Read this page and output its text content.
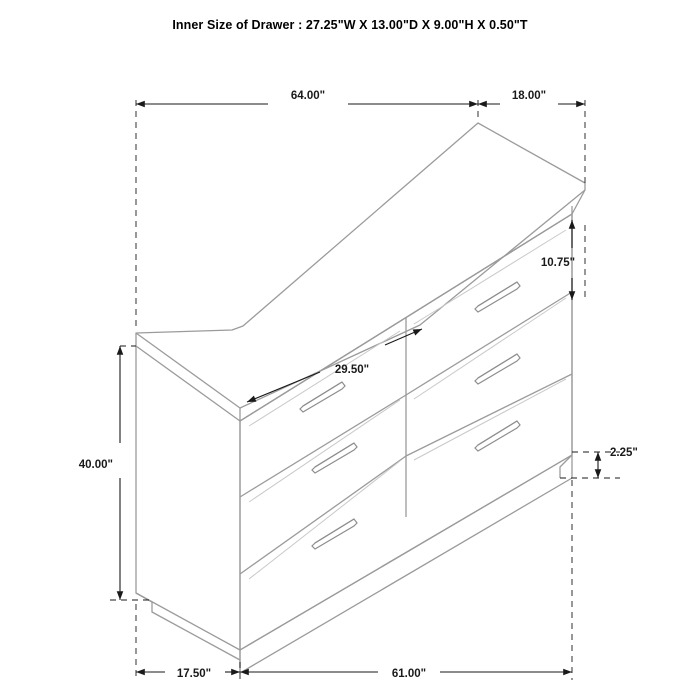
Inner Size of Drawer : 27.25"W X 13.00"D X 9.00"H X 0.50"T
64.00"	18.00"
10.75"
2.25"
40.00"
17.50"	61.00"
29.50"
